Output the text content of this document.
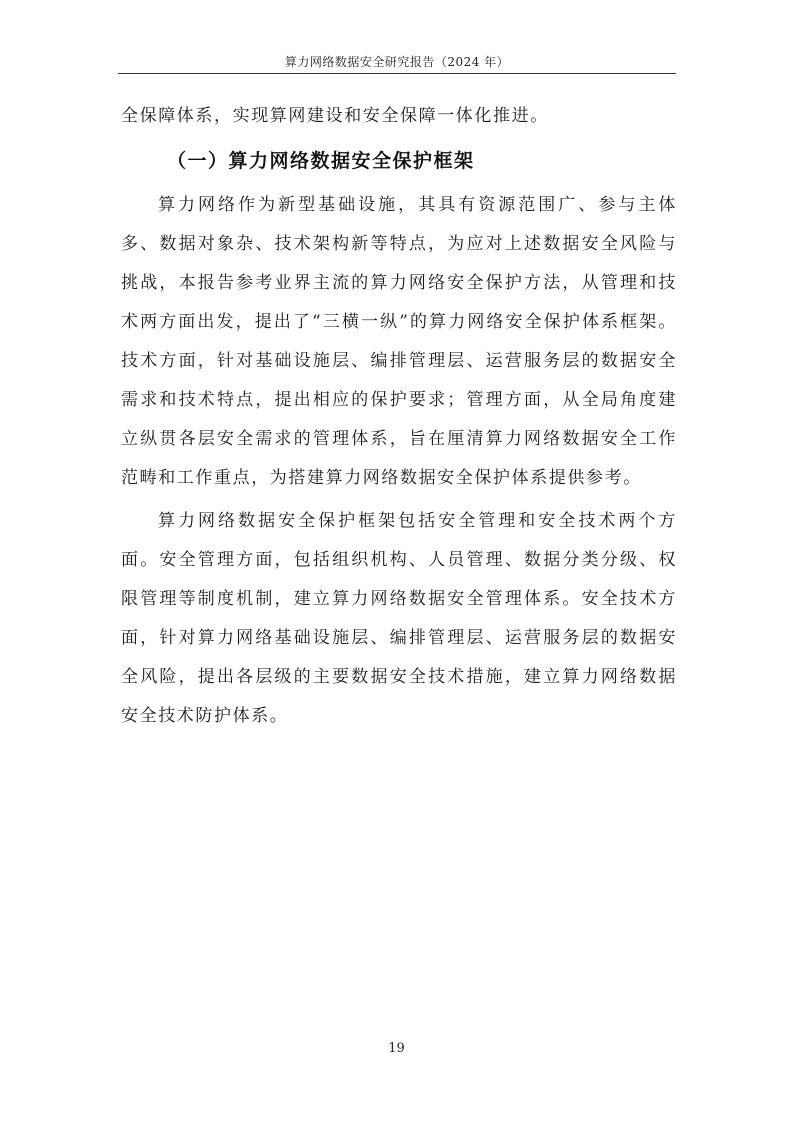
算力网络数据安全研究报告（2024 年）

全保障体系，实现算网建设和安全保障一体化推进。

（一）算力网络数据安全保护框架

算力网络作为新型基础设施，其具有资源范围广、参与主体多、数据对象杂、技术架构新等特点，为应对上述数据安全风险与挑战，本报告参考业界主流的算力网络安全保护方法，从管理和技术两方面出发，提出了“三横一纵”的算力网络安全保护体系框架。技术方面，针对基础设施层、编排管理层、运营服务层的数据安全需求和技术特点，提出相应的保护要求；管理方面，从全局角度建立纵贯各层安全需求的管理体系，旨在厘清算力网络数据安全工作范畴和工作重点，为搭建算力网络数据安全保护体系提供参考。

算力网络数据安全保护框架包括安全管理和安全技术两个方面。安全管理方面，包括组织机构、人员管理、数据分类分级、权限管理等制度机制，建立算力网络数据安全管理体系。安全技术方面，针对算力网络基础设施层、编排管理层、运营服务层的数据安全风险，提出各层级的主要数据安全技术措施，建立算力网络数据安全技术防护体系。

19
